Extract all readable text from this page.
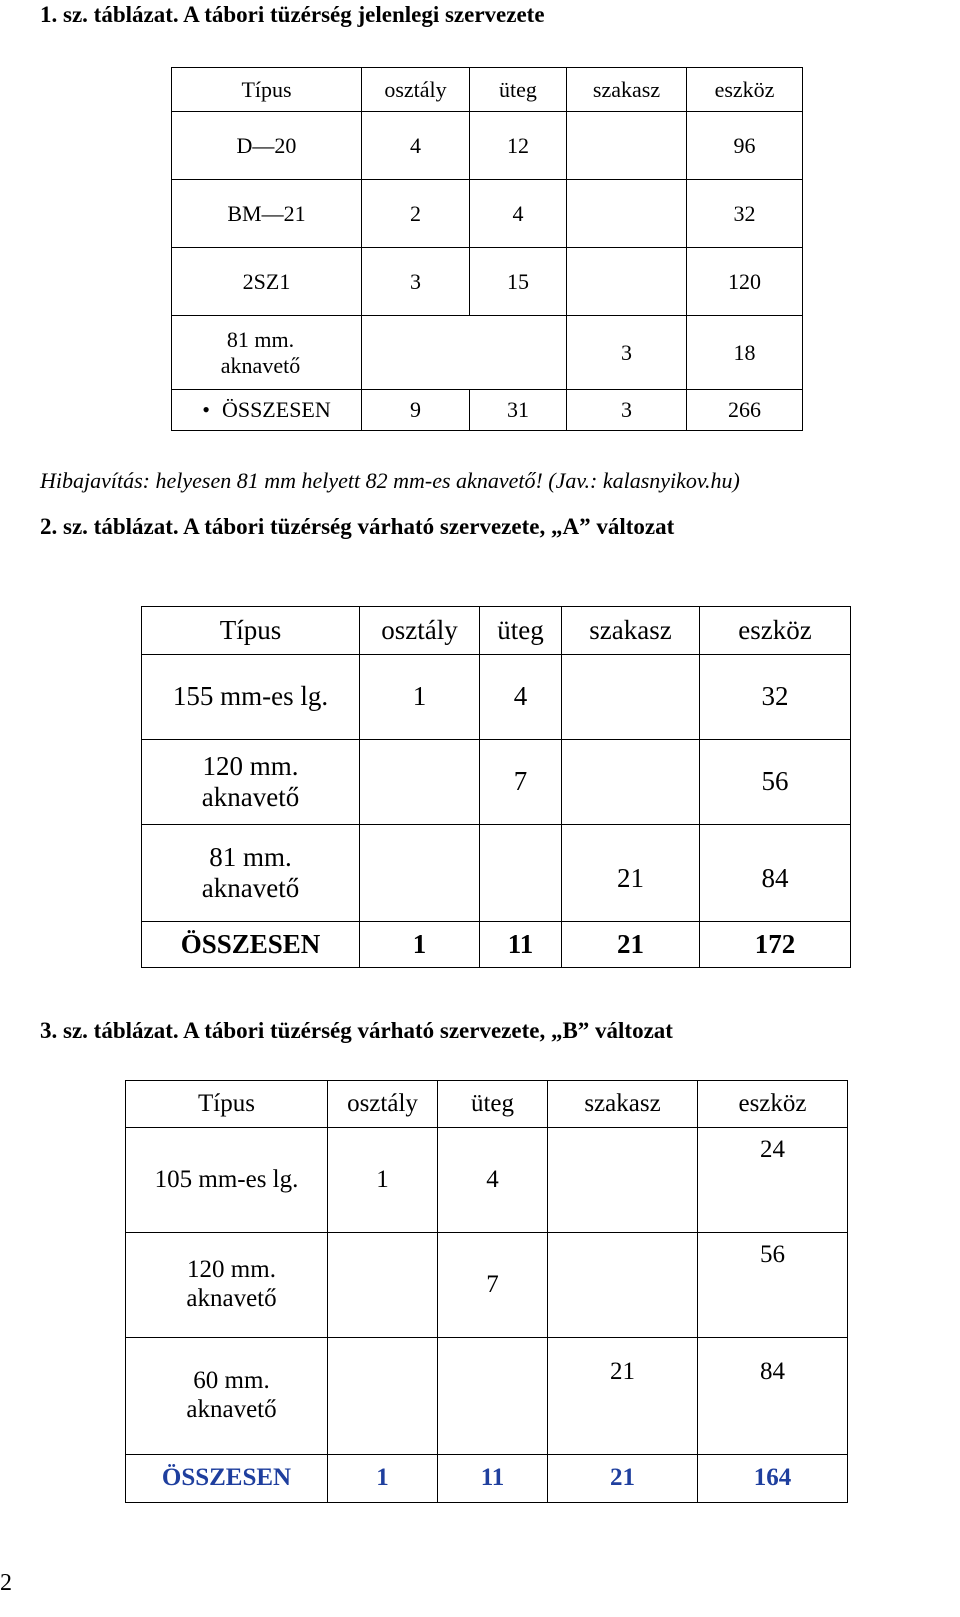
1. sz. táblázat. A tábori tüzérség jelenlegi szervezete
Típus	osztály	üteg	szakasz	eszköz
D—20	4	12		96
BM—21	2	4		32
2SZ1	3	15		120
81 mm. aknavető			3	18
• ÖSSZESEN	9	31	3	266
Hibajavítás: helyesen 81 mm helyett 82 mm-es aknavető! (Jav.: kalasnyikov.hu)
2. sz. táblázat. A tábori tüzérség várható szervezete, „A” változat
Típus	osztály	üteg	szakasz	eszköz
155 mm-es lg.	1	4		32
120 mm. aknavető		7		56
81 mm. aknavető			21	84
ÖSSZESEN	1	11	21	172
3. sz. táblázat. A tábori tüzérség várható szervezete, „B” változat
Típus	osztály	üteg	szakasz	eszköz
105 mm-es lg.	1	4		24
120 mm. aknavető		7		56
60 mm. aknavető			21	84
ÖSSZESEN	1	11	21	164
2
